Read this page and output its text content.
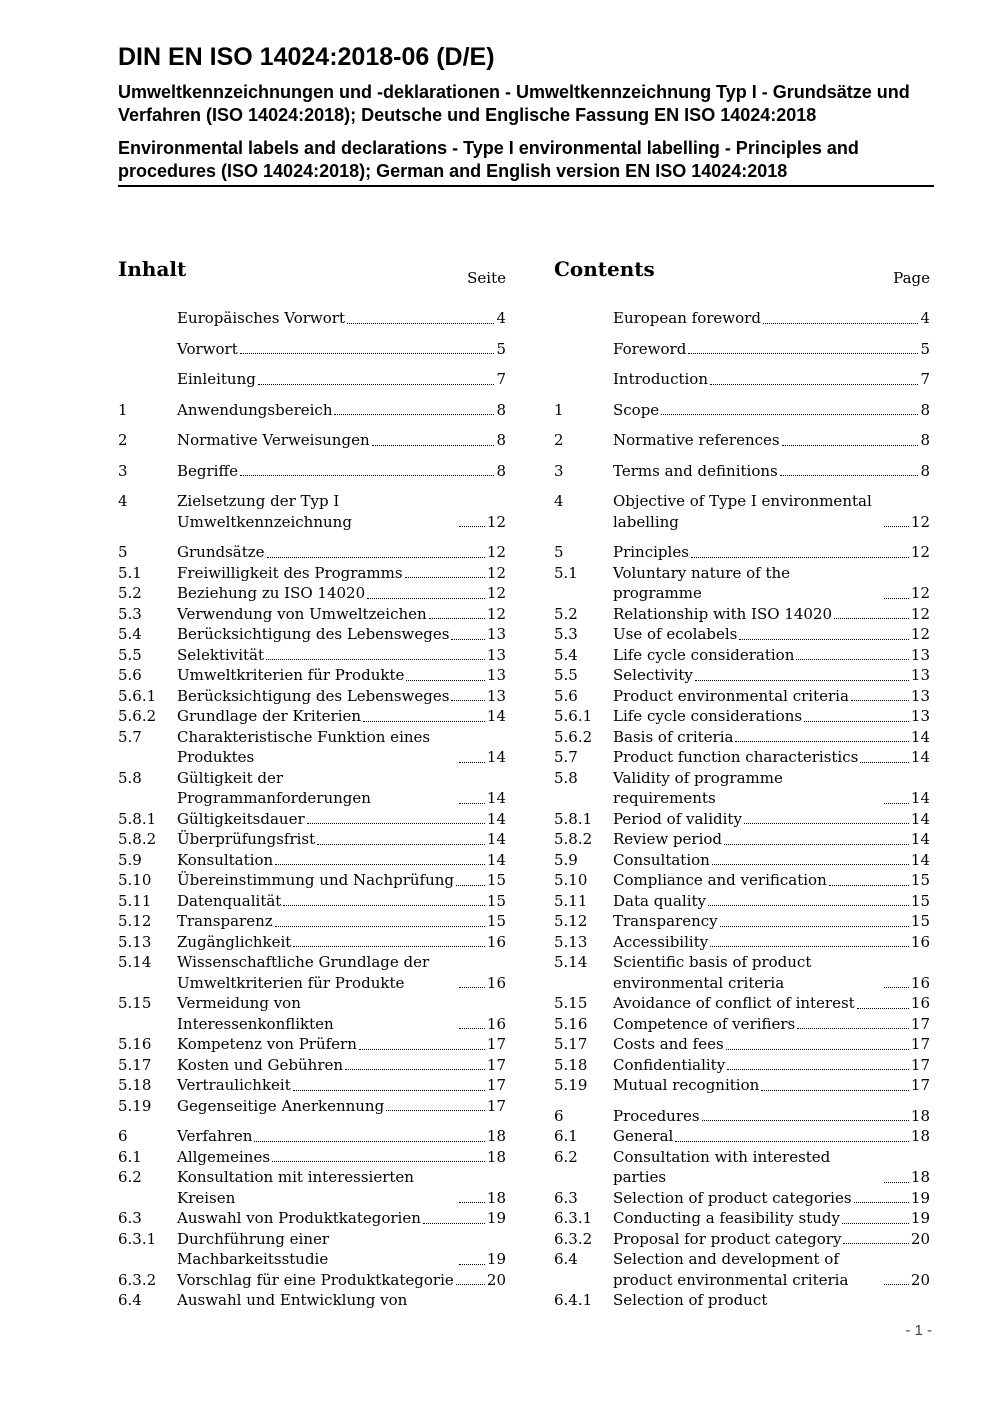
DIN EN ISO 14024:2018-06 (D/E)

Umweltkennzeichnungen und -deklarationen - Umweltkennzeichnung Typ I - Grundsätze und Verfahren (ISO 14024:2018); Deutsche und Englische Fassung EN ISO 14024:2018

Environmental labels and declarations - Type I environmental labelling - Principles and procedures (ISO 14024:2018); German and English version EN ISO 14024:2018

Inhalt	Seite
Europäisches Vorwort	4
Vorwort	5
Einleitung	7
1	Anwendungsbereich	8
2	Normative Verweisungen	8
3	Begriffe	8
4	Zielsetzung der Typ I Umweltkennzeichnung	12
5	Grundsätze	12
5.1	Freiwilligkeit des Programms	12
5.2	Beziehung zu ISO 14020	12
5.3	Verwendung von Umweltzeichen	12
5.4	Berücksichtigung des Lebensweges 13
5.5	Selektivität	13
5.6	Umweltkriterien für Produkte	13
5.6.1	Berücksichtigung des Lebensweges 13
5.6.2	Grundlage der Kriterien	14
5.7	Charakteristische Funktion eines Produktes	14
5.8	Gültigkeit der Programmanforderungen	14
5.8.1	Gültigkeitsdauer	14
5.8.2	Überprüfungsfrist	14
5.9	Konsultation	14
5.10	Übereinstimmung und Nachprüfung 15
5.11	Datenqualität	15
5.12	Transparenz	15
5.13	Zugänglichkeit	16
5.14	Wissenschaftliche Grundlage der Umweltkriterien für Produkte	16
5.15	Vermeidung von Interessenkonflikten	16
5.16	Kompetenz von Prüfern	17
5.17	Kosten und Gebühren	17
5.18	Vertraulichkeit	17
5.19	Gegenseitige Anerkennung	17
6	Verfahren	18
6.1	Allgemeines	18
6.2	Konsultation mit interessierten Kreisen	18
6.3	Auswahl von Produktkategorien	19
6.3.1	Durchführung einer Machbarkeitsstudie	19
6.3.2	Vorschlag für eine Produktkategorie 20
6.4	Auswahl und Entwicklung von
Contents	Page
European foreword	4
Foreword	5
Introduction	7
1	Scope	8
2	Normative references	8
3	Terms and definitions	8
4	Objective of Type I environmental labelling	12
5	Principles	12
5.1	Voluntary nature of the programme	12
5.2	Relationship with ISO 14020	12
5.3	Use of ecolabels	12
5.4	Life cycle consideration	13
5.5	Selectivity	13
5.6	Product environmental criteria	13
5.6.1	Life cycle considerations	13
5.6.2	Basis of criteria	14
5.7	Product function characteristics	14
5.8	Validity of programme requirements	14
5.8.1	Period of validity	14
5.8.2	Review period	14
5.9	Consultation	14
5.10	Compliance and verification	15
5.11	Data quality	15
5.12	Transparency	15
5.13	Accessibility	16
5.14	Scientific basis of product environmental criteria	16
5.15	Avoidance of conflict of interest	16
5.16	Competence of verifiers	17
5.17	Costs and fees	17
5.18	Confidentiality	17
5.19	Mutual recognition	17
6	Procedures	18
6.1	General	18
6.2	Consultation with interested parties	18
6.3	Selection of product categories	19
6.3.1	Conducting a feasibility study	19
6.3.2	Proposal for product category	20
6.4	Selection and development of product environmental criteria	20
6.4.1	Selection of product
- 1 -
